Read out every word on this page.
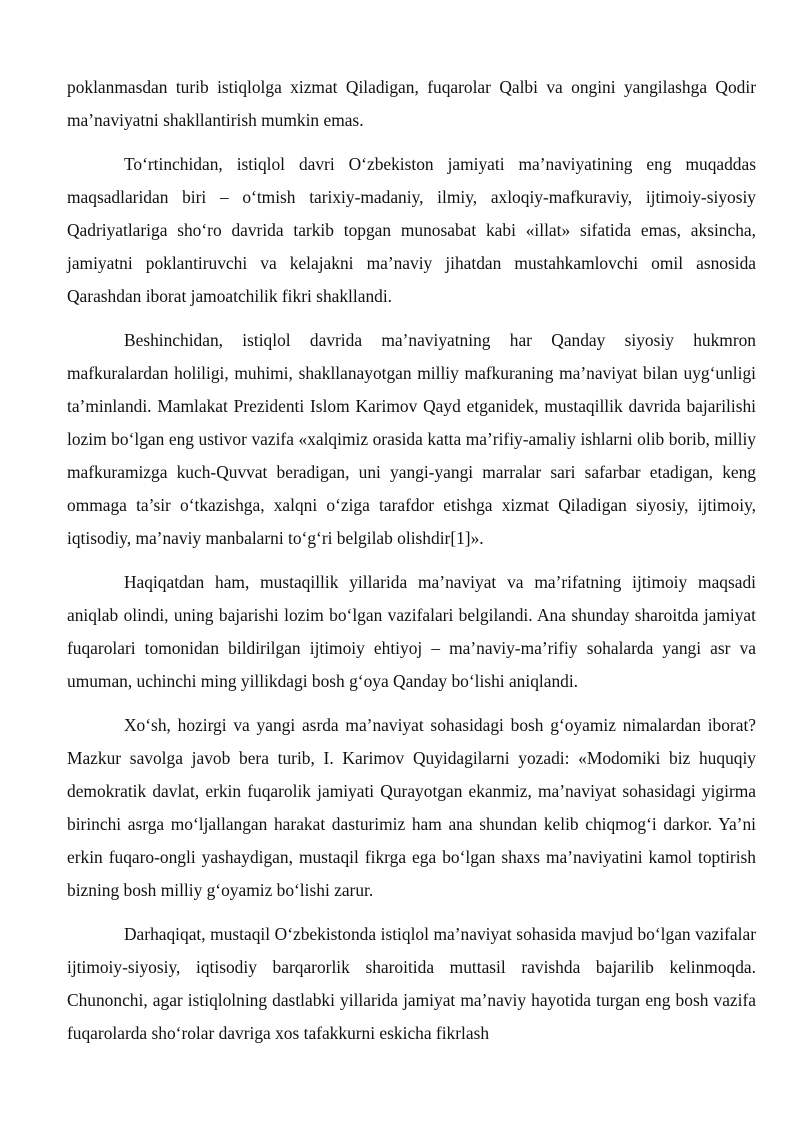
poklanmasdan turib istiqlolga xizmat Qiladigan, fuqarolar Qalbi va ongini yangilashga Qodir ma’naviyatni shakllantirish mumkin emas.

To‘rtinchidan, istiqlol davri O‘zbekiston jamiyati ma’naviyatining eng muqaddas maqsadlaridan biri – o‘tmish tarixiy-madaniy, ilmiy, axloqiy-mafkuraviy, ijtimoiy-siyosiy Qadriyatlariga sho‘ro davrida tarkib topgan munosabat kabi «illat» sifatida emas, aksincha, jamiyatni poklantiruvchi va kelajakni ma’naviy jihatdan mustahkamlovchi omil asnosida Qarashdan iborat jamoatchilik fikri shakllandi.

Beshinchidan, istiqlol davrida ma’naviyatning har Qanday siyosiy hukmron mafkuralardan holiligi, muhimi, shakllanayotgan milliy mafkuraning ma’naviyat bilan uyg‘unligi ta’minlandi. Mamlakat Prezidenti Islom Karimov Qayd etganidek, mustaqillik davrida bajarilishi lozim bo‘lgan eng ustivor vazifa «xalqimiz orasida katta ma’rifiy-amaliy ishlarni olib borib, milliy mafkuramizga kuch-Quvvat beradigan, uni yangi-yangi marralar sari safarbar etadigan, keng ommaga ta’sir o‘tkazishga, xalqni o‘ziga tarafdor etishga xizmat Qiladigan siyosiy, ijtimoiy, iqtisodiy, ma’naviy manbalarni to‘g‘ri belgilab olishdir[1]».

Haqiqatdan ham, mustaqillik yillarida ma’naviyat va ma’rifatning ijtimoiy maqsadi aniqlab olindi, uning bajarishi lozim bo‘lgan vazifalari belgilandi. Ana shunday sharoitda jamiyat fuqarolari tomonidan bildirilgan ijtimoiy ehtiyoj – ma’naviy-ma’rifiy sohalarda yangi asr va umuman, uchinchi ming yillikdagi bosh g‘oya Qanday bo‘lishi aniqlandi.

Xo‘sh, hozirgi va yangi asrda ma’naviyat sohasidagi bosh g‘oyamiz nimalardan iborat? Mazkur savolga javob bera turib, I. Karimov Quyidagilarni yozadi: «Modomiki biz huquqiy demokratik davlat, erkin fuqarolik jamiyati Qurayotgan ekanmiz, ma’naviyat sohasidagi yigirma birinchi asrga mo‘ljallangan harakat dasturimiz ham ana shundan kelib chiqmog‘i darkor. Ya’ni erkin fuqaro-ongli yashaydigan, mustaqil fikrga ega bo‘lgan shaxs ma’naviyatini kamol toptirish bizning bosh milliy g‘oyamiz bo‘lishi zarur.

Darhaqiqat, mustaqil O‘zbekistonda istiqlol ma’naviyat sohasida mavjud bo‘lgan vazifalar ijtimoiy-siyosiy, iqtisodiy barqarorlik sharoitida muttasil ravishda bajarilib kelinmoqda. Chunonchi, agar istiqlolning dastlabki yillarida jamiyat ma’naviy hayotida turgan eng bosh vazifa fuqarolarda sho‘rolar davriga xos tafakkurni eskicha fikrlash
